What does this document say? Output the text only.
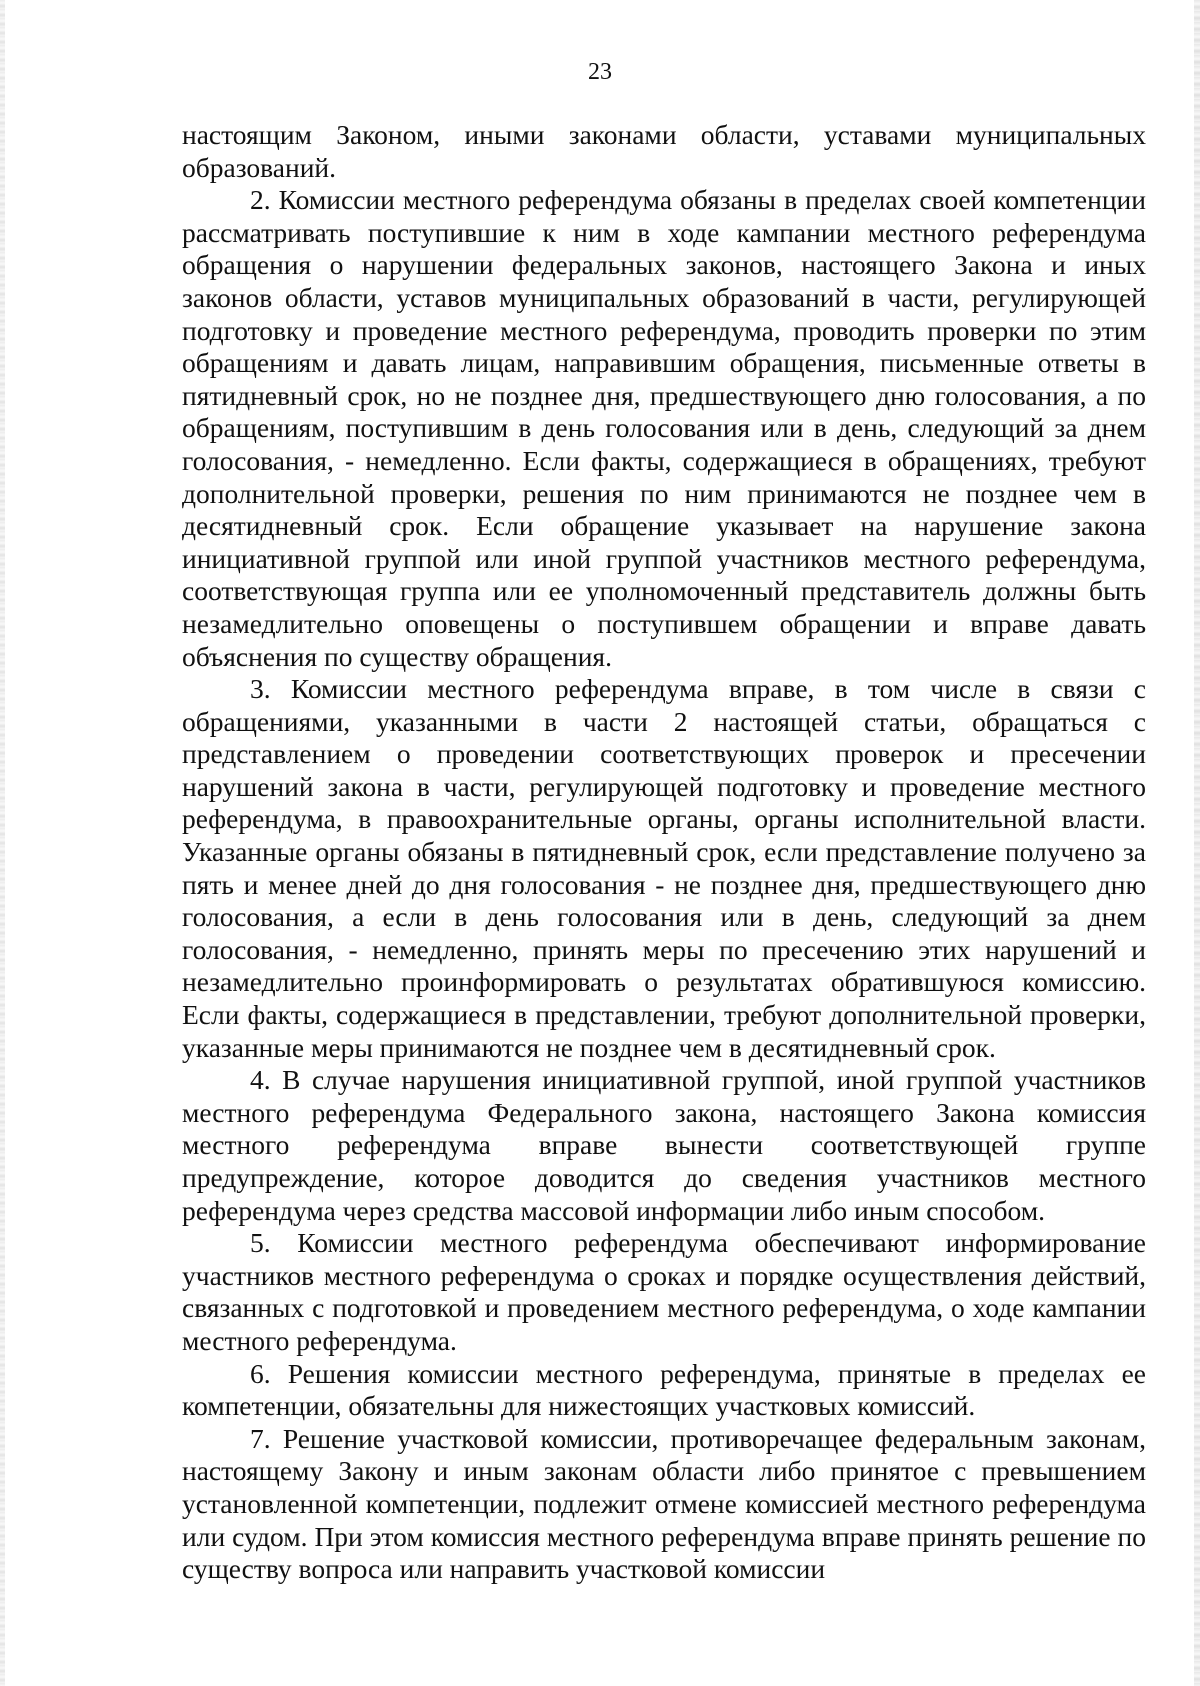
23

настоящим Законом, иными законами области, уставами муниципальных образований.

2. Комиссии местного референдума обязаны в пределах своей компетенции рассматривать поступившие к ним в ходе кампании местного референдума обращения о нарушении федеральных законов, настоящего Закона и иных законов области, уставов муниципальных образований в части, регулирующей подготовку и проведение местного референдума, проводить проверки по этим обращениям и давать лицам, направившим обращения, письменные ответы в пятидневный срок, но не позднее дня, предшествующего дню голосования, а по обращениям, поступившим в день голосования или в день, следующий за днем голосования, - немедленно. Если факты, содержащиеся в обращениях, требуют дополнительной проверки, решения по ним принимаются не позднее чем в десятидневный срок. Если обращение указывает на нарушение закона инициативной группой или иной группой участников местного референдума, соответствующая группа или ее уполномоченный представитель должны быть незамедлительно оповещены о поступившем обращении и вправе давать объяснения по существу обращения.

3. Комиссии местного референдума вправе, в том числе в связи с обращениями, указанными в части 2 настоящей статьи, обращаться с представлением о проведении соответствующих проверок и пресечении нарушений закона в части, регулирующей подготовку и проведение местного референдума, в правоохранительные органы, органы исполнительной власти. Указанные органы обязаны в пятидневный срок, если представление получено за пять и менее дней до дня голосования - не позднее дня, предшествующего дню голосования, а если в день голосования или в день, следующий за днем голосования, - немедленно, принять меры по пресечению этих нарушений и незамедлительно проинформировать о результатах обратившуюся комиссию. Если факты, содержащиеся в представлении, требуют дополнительной проверки, указанные меры принимаются не позднее чем в десятидневный срок.

4. В случае нарушения инициативной группой, иной группой участников местного референдума Федерального закона, настоящего Закона комиссия местного референдума вправе вынести соответствующей группе предупреждение, которое доводится до сведения участников местного референдума через средства массовой информации либо иным способом.

5. Комиссии местного референдума обеспечивают информирование участников местного референдума о сроках и порядке осуществления действий, связанных с подготовкой и проведением местного референдума, о ходе кампании местного референдума.

6. Решения комиссии местного референдума, принятые в пределах ее компетенции, обязательны для нижестоящих участковых комиссий.

7. Решение участковой комиссии, противоречащее федеральным законам, настоящему Закону и иным законам области либо принятое с превышением установленной компетенции, подлежит отмене комиссией местного референдума или судом. При этом комиссия местного референдума вправе принять решение по существу вопроса или направить участковой комиссии
